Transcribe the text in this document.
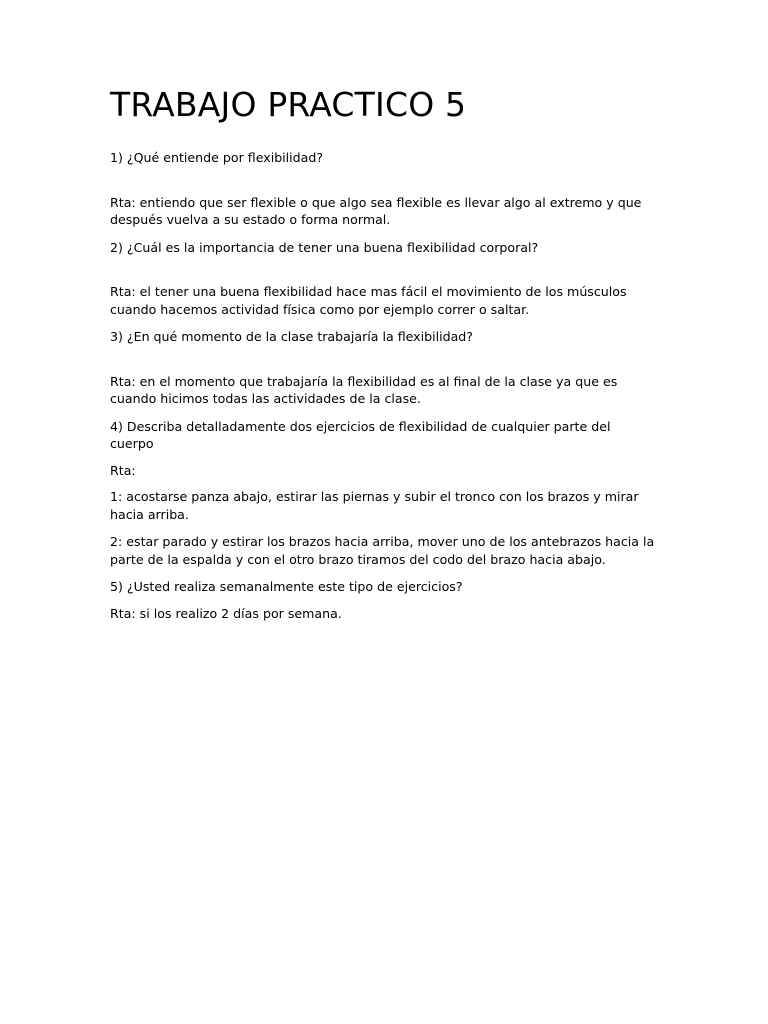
TRABAJO PRACTICO 5

1) ¿Qué entiende por flexibilidad?

Rta: entiendo que ser flexible o que algo sea flexible es llevar algo al extremo y que después vuelva a su estado o forma normal.

2) ¿Cuál es la importancia de tener una buena flexibilidad corporal?

Rta: el tener una buena flexibilidad hace mas fácil el movimiento de los músculos cuando hacemos actividad física como por ejemplo correr o saltar.

3) ¿En qué momento de la clase trabajaría la flexibilidad?

Rta: en el momento que trabajaría la flexibilidad es al final de la clase ya que es cuando hicimos todas las actividades de la clase.

4) Describa detalladamente dos ejercicios de flexibilidad de cualquier parte del cuerpo

Rta:

1: acostarse panza abajo, estirar las piernas y subir el tronco con los brazos y mirar hacia arriba.

2: estar parado y estirar los brazos hacia arriba, mover uno de los antebrazos hacia la parte de la espalda y con el otro brazo tiramos del codo del brazo hacia abajo.

5) ¿Usted realiza semanalmente este tipo de ejercicios?

Rta: si los realizo 2 días por semana.
